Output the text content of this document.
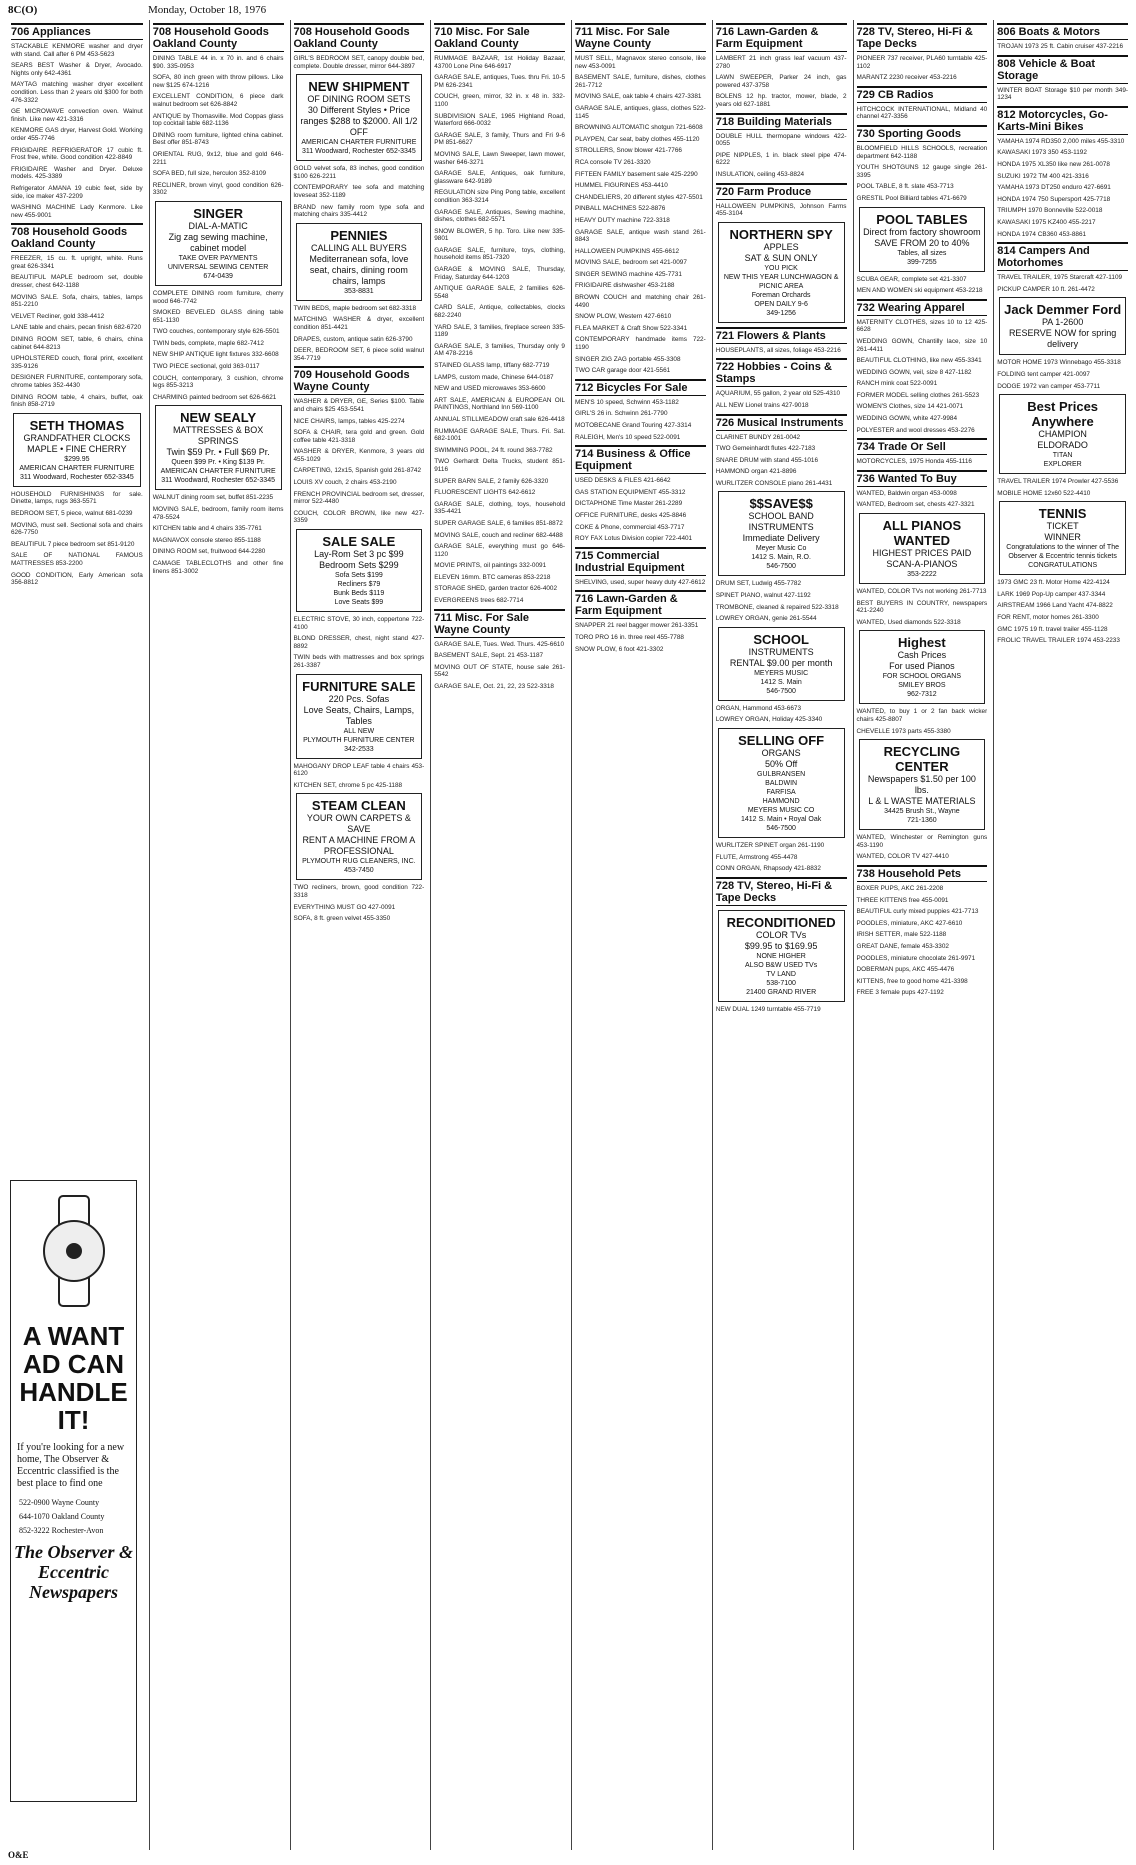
8C(O)	Monday, October 18, 1976
706 Appliances
STACKABLE KENMORE washer and dryer with stand. Call after 6 PM 453-5623
SEARS BEST Washer & Dryer, Avocado. Nights only 642-4361
MAYTAG matching washer dryer excellent condition. Less than 2 years old $300 for both 476-3322
GE MICROWAVE convection oven. Walnut finish. Like new 421-3316
KENMORE GAS dryer, Harvest Gold. Working order 455-7746
FRIGIDAIRE REFRIGERATOR 17 cubic ft. Frost free, white. Good condition 422-8849
FRIGIDAIRE Washer and Dryer. Deluxe models. 425-3389
Refrigerator AMANA 19 cubic feet, side by side, ice maker 437-2209
WASHING MACHINE Lady Kenmore. Like new 455-9001
708 Household Goods Oakland County
FREEZER, 15 cu. ft. upright, white. Runs great 626-3341
BEAUTIFUL MAPLE bedroom set, double dresser, chest 642-1188
MOVING SALE. Sofa, chairs, tables, lamps 851-2210
VELVET Recliner, gold 338-4412
LANE table and chairs, pecan finish 682-6720
DINING ROOM SET, table, 6 chairs, china cabinet 644-8213
UPHOLSTERED couch, floral print, excellent 335-9126
DESIGNER FURNITURE, contemporary sofa, chrome tables 352-4430
DINING ROOM table, 4 chairs, buffet, oak finish 858-2719
SETH THOMAS
GRANDFATHER CLOCKS
MAPLE • FINE CHERRY
$299.95
AMERICAN CHARTER FURNITURE
311 Woodward, Rochester 652-3345
HOUSEHOLD FURNISHINGS for sale. Dinette, lamps, rugs 363-5571
BEDROOM SET, 5 piece, walnut 681-0239
MOVING, must sell. Sectional sofa and chairs 626-7750
BEAUTIFUL 7 piece bedroom set 851-9120
SALE OF NATIONAL FAMOUS MATTRESSES 853-2200
GOOD CONDITION, Early American sofa 356-8812
708 Household Goods Oakland County
DINING TABLE 44 in. x 70 in. and 6 chairs $90. 335-0953
SOFA, 80 inch green with throw pillows. Like new $125 674-1216
EXCELLENT CONDITION, 6 piece dark walnut bedroom set 626-8842
ANTIQUE by Thomasville. Mod Coppas glass top cocktail table 682-1136
DINING room furniture, lighted china cabinet. Best offer 851-8743
ORIENTAL RUG, 9x12, blue and gold 646-2211
SOFA BED, full size, herculon 352-8109
RECLINER, brown vinyl, good condition 626-3302
SINGER
DIAL-A-MATIC
Zig zag sewing machine, cabinet model
TAKE OVER PAYMENTS
UNIVERSAL SEWING CENTER
674-0439
COMPLETE DINING room furniture, cherry wood 646-7742
SMOKED BEVELED GLASS dining table 651-1130
TWO couches, contemporary style 626-5501
TWIN beds, complete, maple 682-7412
NEW SHIP ANTIQUE light fixtures 332-6608
TWO PIECE sectional, gold 363-0117
COUCH, contemporary, 3 cushion, chrome legs 855-3213
CHARMING painted bedroom set 626-6621
NEW SEALY
MATTRESSES & BOX SPRINGS
Twin $59 Pr. • Full $69 Pr.
Queen $99 Pr. • King $139 Pr.
AMERICAN CHARTER FURNITURE
311 Woodward, Rochester 652-3345
WALNUT dining room set, buffet 851-2235
MOVING SALE, bedroom, family room items 478-5524
KITCHEN table and 4 chairs 335-7761
MAGNAVOX console stereo 855-1188
DINING ROOM set, fruitwood 644-2280
CAMAGE TABLECLOTHS and other fine linens 851-3002
708 Household Goods Oakland County
GIRL'S BEDROOM SET, canopy double bed, complete. Double dresser, mirror 644-3897
NEW SHIPMENT
OF DINING ROOM SETS
30 Different Styles • Price ranges $288 to $2000. All 1/2 OFF
AMERICAN CHARTER FURNITURE
311 Woodward, Rochester 652-3345
GOLD velvet sofa, 83 inches, good condition $100 626-2211
CONTEMPORARY tee sofa and matching loveseat 352-1189
BRAND new family room type sofa and matching chairs 335-4412
PENNIES
CALLING ALL BUYERS
Mediterranean sofa, love seat, chairs, dining room chairs, lamps
353-8831
TWIN BEDS, maple bedroom set 682-3318
MATCHING WASHER & dryer, excellent condition 851-4421
DRAPES, custom, antique satin 626-3790
DEER, BEDROOM SET, 6 piece solid walnut 354-7719
709 Household Goods Wayne County
WASHER & DRYER, GE, Series $100. Table and chairs $25 453-5541
NICE CHAIRS, lamps, tables 425-2274
SOFA & CHAIR, tera gold and green. Gold coffee table 421-3318
WASHER & DRYER, Kenmore, 3 years old 455-1029
CARPETING, 12x15, Spanish gold 261-8742
LOUIS XV couch, 2 chairs 453-2190
FRENCH PROVINCIAL bedroom set, dresser, mirror 522-4480
COUCH, COLOR BROWN, like new 427-3359
SALE SALE
Lay-Rom Set 3 pc $99
Bedroom Sets $299
Sofa Sets $199
Recliners $79
Bunk Beds $119
Love Seats $99
ELECTRIC STOVE, 30 inch, coppertone 722-4100
BLOND DRESSER, chest, night stand 427-8892
TWIN beds with mattresses and box springs 261-3387
FURNITURE SALE
220 Pcs. Sofas
Love Seats, Chairs, Lamps, Tables
ALL NEW
PLYMOUTH FURNITURE CENTER
342-2533
MAHOGANY DROP LEAF table 4 chairs 453-6120
KITCHEN SET, chrome 5 pc 425-1188
STEAM CLEAN
YOUR OWN CARPETS & SAVE
RENT A MACHINE FROM A PROFESSIONAL
PLYMOUTH RUG CLEANERS, INC.
453-7450
TWO recliners, brown, good condition 722-3318
EVERYTHING MUST GO 427-0091
SOFA, 8 ft. green velvet 455-3350
710 Misc. For Sale Oakland County
RUMMAGE BAZAAR, 1st Holiday Bazaar, 43700 Lone Pine 646-6917
GARAGE SALE, antiques, Tues. thru Fri. 10-5 PM 626-2341
COUCH, green, mirror, 32 in. x 48 in. 332-1100
SUBDIVISION SALE, 1965 Highland Road, Waterford 666-0032
GARAGE SALE, 3 family, Thurs and Fri 9-6 PM 851-6627
MOVING SALE, Lawn Sweeper, lawn mower, washer 646-3271
GARAGE SALE, Antiques, oak furniture, glassware 642-9189
REGULATION size Ping Pong table, excellent condition 363-3214
GARAGE SALE, Antiques, Sewing machine, dishes, clothes 682-5571
SNOW BLOWER, 5 hp. Toro. Like new 335-9801
GARAGE SALE, furniture, toys, clothing, household items 851-7320
GARAGE & MOVING SALE, Thursday, Friday, Saturday 644-1203
ANTIQUE GARAGE SALE, 2 families 626-5548
CARD SALE, Antique, collectables, clocks 682-2240
YARD SALE, 3 families, fireplace screen 335-1189
GARAGE SALE, 3 families, Thursday only 9 AM 478-2216
STAINED GLASS lamp, tiffany 682-7719
LAMPS, custom made, Chinese 644-0187
NEW and USED microwaves 353-6600
ART SALE, AMERICAN & EUROPEAN OIL PAINTINGS, Northland Inn 569-1100
ANNUAL STILLMEADOW craft sale 626-4418
RUMMAGE GARAGE SALE, Thurs. Fri. Sat. 682-1001
SWIMMING POOL, 24 ft. round 363-7782
TWO Gerhardt Delta Trucks, student 851-9116
SUPER BARN SALE, 2 family 626-3320
FLUORESCENT LIGHTS 642-6612
GARAGE SALE, clothing, toys, household 335-4421
SUPER GARAGE SALE, 6 families 851-8872
MOVING SALE, couch and recliner 682-4488
GARAGE SALE, everything must go 646-1120
MOVIE PRINTS, oil paintings 332-0091
ELEVEN 16mm. BTC cameras 853-2218
STORAGE SHED, garden tractor 626-4002
EVERGREENS trees 682-7714
711 Misc. For Sale Wayne County
GARAGE SALE, Tues. Wed. Thurs. 425-6610
BASEMENT SALE, Sept. 21 453-1187
MOVING OUT OF STATE, house sale 261-5542
GARAGE SALE, Oct. 21, 22, 23 522-3318
711 Misc. For Sale Wayne County
MUST SELL, Magnavox stereo console, like new 453-0091
BASEMENT SALE, furniture, dishes, clothes 261-7712
MOVING SALE, oak table 4 chairs 427-3381
GARAGE SALE, antiques, glass, clothes 522-1145
BROWNING AUTOMATIC shotgun 721-6608
PLAYPEN, Car seat, baby clothes 455-1120
STROLLERS, Snow blower 421-7766
RCA console TV 261-3320
FIFTEEN FAMILY basement sale 425-2290
HUMMEL FIGURINES 453-4410
CHANDELIERS, 20 different styles 427-5501
PINBALL MACHINES 522-8876
HEAVY DUTY machine 722-3318
GARAGE SALE, antique wash stand 261-8843
HALLOWEEN PUMPKINS 455-6612
MOVING SALE, bedroom set 421-0097
SINGER SEWING machine 425-7731
FRIGIDAIRE dishwasher 453-2188
BROWN COUCH and matching chair 261-4490
SNOW PLOW, Western 427-6610
FLEA MARKET & Craft Show 522-3341
CONTEMPORARY handmade items 722-1190
SINGER ZIG ZAG portable 455-3308
TWO CAR garage door 421-5561
712 Bicycles For Sale
MEN'S 10 speed, Schwinn 453-1182
GIRL'S 26 in. Schwinn 261-7790
MOTOBECANE Grand Touring 427-3314
RALEIGH, Men's 10 speed 522-0091
714 Business & Office Equipment
USED DESKS & FILES 421-6642
GAS STATION EQUIPMENT 455-3312
DICTAPHONE Time Master 261-2289
OFFICE FURNITURE, desks 425-8846
COKE & Phone, commercial 453-7717
ROY FAX Lotus Division copier 722-4401
715 Commercial Industrial Equipment
SHELVING, used, super heavy duty 427-6612
716 Lawn-Garden & Farm Equipment
SNAPPER 21 reel bagger mower 261-3351
TORO PRO 16 in. three reel 455-7788
SNOW PLOW, 6 foot 421-3302
716 Lawn-Garden & Farm Equipment
LAMBERT 21 inch grass leaf vacuum 437-2780
LAWN SWEEPER, Parker 24 inch, gas powered 437-3758
BOLENS 12 hp. tractor, mower, blade, 2 years old 627-1881
718 Building Materials
DOUBLE HULL thermopane windows 422-0055
PIPE NIPPLES, 1 in. black steel pipe 474-6222
INSULATION, ceiling 453-8824
720 Farm Produce
HALLOWEEN PUMPKINS, Johnson Farms 455-3104
NORTHERN SPY
APPLES
SAT & SUN ONLY
YOU PICK
NEW THIS YEAR LUNCHWAGON & PICNIC AREA
Foreman Orchards
OPEN DAILY 9-6
349-1256
721 Flowers & Plants
HOUSEPLANTS, all sizes, foliage 453-2216
722 Hobbies - Coins & Stamps
AQUARIUM, 55 gallon, 2 year old 525-4310
ALL NEW Lionel trains 427-9018
726 Musical Instruments
CLARINET BUNDY 261-0042
TWO Gemeinhardt flutes 422-7183
SNARE DRUM with stand 455-1016
HAMMOND organ 421-8896
WURLITZER CONSOLE piano 261-4431
$$SAVE$$
SCHOOL BAND INSTRUMENTS
Immediate Delivery
Meyer Music Co
1412 S. Main, R.O.
546-7500
DRUM SET, Ludwig 455-7782
SPINET PIANO, walnut 427-1192
TROMBONE, cleaned & repaired 522-3318
LOWREY ORGAN, genie 261-5544
SCHOOL
INSTRUMENTS
RENTAL $9.00 per month
MEYERS MUSIC
1412 S. Main
546-7500
ORGAN, Hammond 453-6673
LOWREY ORGAN, Holiday 425-3340
SELLING OFF
ORGANS
50% Off
GULBRANSEN
BALDWIN
FARFISA
HAMMOND
MEYERS MUSIC CO
1412 S. Main • Royal Oak
546-7500
WURLITZER SPINET organ 261-1190
FLUTE, Armstrong 455-4478
CONN ORGAN, Rhapsody 421-8832
728 TV, Stereo, Hi-Fi & Tape Decks
RECONDITIONED
COLOR TVs
$99.95 to $169.95
NONE HIGHER
ALSO B&W USED TVs
TV LAND
538-7100
21400 GRAND RIVER
NEW DUAL 1249 turntable 455-7719
728 TV, Stereo, Hi-Fi & Tape Decks
PIONEER 737 receiver, PLA60 turntable 425-1102
MARANTZ 2230 receiver 453-2216
729 CB Radios
HITCHCOCK INTERNATIONAL, Midland 40 channel 427-3356
730 Sporting Goods
BLOOMFIELD HILLS SCHOOLS, recreation department 642-1188
YOUTH SHOTGUNS 12 gauge single 261-3395
POOL TABLE, 8 ft. slate 453-7713
GRESTIL Pool Billiard tables 471-6679
POOL TABLES
Direct from factory showroom
SAVE FROM 20 to 40%
Tables, all sizes
399-7255
SCUBA GEAR, complete set 421-3307
MEN AND WOMEN ski equipment 453-2218
732 Wearing Apparel
MATERNITY CLOTHES, sizes 10 to 12 425-6628
WEDDING GOWN, Chantilly lace, size 10 261-4411
BEAUTIFUL CLOTHING, like new 455-3341
WEDDING GOWN, veil, size 8 427-1182
RANCH mink coat 522-0091
FORMER MODEL selling clothes 261-5523
WOMEN'S Clothes, size 14 421-0071
WEDDING GOWN, white 427-9984
POLYESTER and wool dresses 453-2276
734 Trade Or Sell
MOTORCYCLES, 1975 Honda 455-1116
736 Wanted To Buy
WANTED, Baldwin organ 453-0098
WANTED, Bedroom set, chests 427-3321
ALL PIANOS WANTED
HIGHEST PRICES PAID
SCAN-A-PIANOS
353-2222
WANTED, COLOR TVs not working 261-7713
BEST BUYERS IN COUNTRY, newspapers 421-2240
WANTED, Used diamonds 522-3318
Highest
Cash Prices
For used Pianos
FOR SCHOOL ORGANS
SMILEY BROS
962-7312
WANTED, to buy 1 or 2 fan back wicker chairs 425-8807
CHEVELLE 1973 parts 455-3380
RECYCLING CENTER
Newspapers $1.50 per 100 lbs.
L & L WASTE MATERIALS
34425 Brush St., Wayne
721-1360
WANTED, Winchester or Remington guns 453-1190
WANTED, COLOR TV 427-4410
738 Household Pets
BOXER PUPS, AKC 261-2208
THREE KITTENS free 455-0091
BEAUTIFUL curly mixed puppies 421-7713
POODLES, miniature, AKC 427-6610
IRISH SETTER, male 522-1188
GREAT DANE, female 453-3302
POODLES, miniature chocolate 261-9971
DOBERMAN pups, AKC 455-4476
KITTENS, free to good home 421-3398
FREE 3 female pups 427-1192
806 Boats & Motors
TROJAN 1973 25 ft. Cabin cruiser 437-2216
808 Vehicle & Boat Storage
WINTER BOAT Storage $10 per month 349-1234
812 Motorcycles, Go-Karts-Mini Bikes
YAMAHA 1974 RD350 2,000 miles 455-3310
KAWASAKI 1973 350 453-1192
HONDA 1975 XL350 like new 261-0078
SUZUKI 1972 TM 400 421-3316
YAMAHA 1973 DT250 enduro 427-6691
HONDA 1974 750 Supersport 425-7718
TRIUMPH 1970 Bonneville 522-0018
KAWASAKI 1975 KZ400 455-2217
HONDA 1974 CB360 453-8861
814 Campers And Motorhomes
TRAVEL TRAILER, 1975 Starcraft 427-1109
PICKUP CAMPER 10 ft. 261-4472
Jack Demmer Ford
PA 1-2600
RESERVE NOW for spring delivery
MOTOR HOME 1973 Winnebago 455-3318
FOLDING tent camper 421-0097
DODGE 1972 van camper 453-7711
Best Prices Anywhere
CHAMPION
ELDORADO
TITAN
EXPLORER
TRAVEL TRAILER 1974 Prowler 427-5536
MOBILE HOME 12x60 522-4410
TENNIS
TICKET
WINNER
Congratulations to the winner of The Observer & Eccentric tennis tickets
CONGRATULATIONS
1973 GMC 23 ft. Motor Home 422-4124
LARK 1969 Pop-Up camper 437-3344
AIRSTREAM 1966 Land Yacht 474-8822
FOR RENT, motor homes 261-3300
GMC 1975 19 ft. travel trailer 455-1128
FROLIC TRAVEL TRAILER 1974 453-2233
A WANT AD CAN HANDLE IT!
If you're looking for a new home, The Observer & Eccentric classified is the best place to find one
522-0900 Wayne County
644-1070 Oakland County
852-3222 Rochester-Avon
The Observer & Eccentric Newspapers
O&E
